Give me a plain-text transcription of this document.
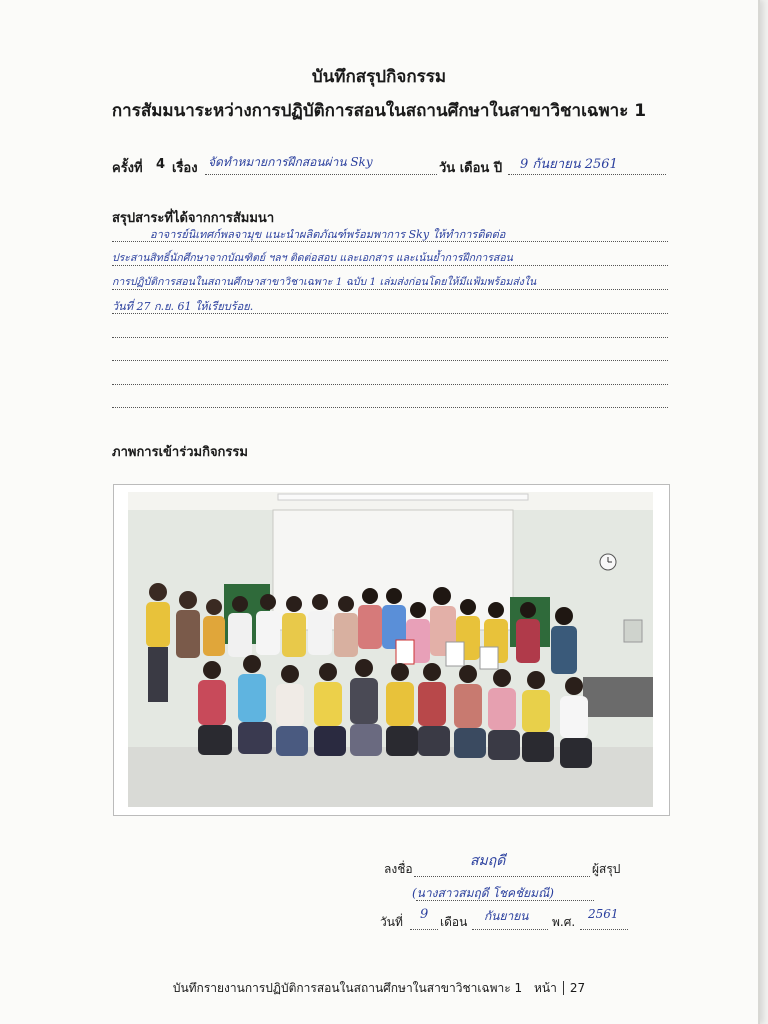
บันทึกสรุปกิจกรรม
การสัมมนาระหว่างการปฏิบัติการสอนในสถานศึกษาในสาขาวิชาเฉพาะ 1
ครั้งที่ 4 เรื่อง จัดทำหมายการฝึกสอนผ่าน Sky	วัน เดือน ปี 9 กันยายน 2561
สรุปสาระที่ได้จากการสัมมนา
อาจารย์นิเทศก์พลจามุข แนะนำผลิตภัณฑ์พร้อมพาการ Sky ให้ทำการติดต่อ
ประสานสิทธิ์นักศึกษาจากบัณฑิตย์ ฯลฯ ติดต่อสอบ และเอกสาร และเน้นย้ำการฝึกการสอน
การปฏิบัติการสอนในสถานศึกษาสาขาวิชาเฉพาะ 1 ฉบับ 1 เล่มส่งก่อนโดยให้มีแฟ้มพร้อมส่งใน
วันที่ 27 ก.ย. 61 ให้เรียบร้อย.
ภาพการเข้าร่วมกิจกรรม
ลงชื่อ	สมฤดี	ผู้สรุป
(นางสาวสมฤดี โชคชัยมณี)
วันที่ 9 เดือน กันยายน พ.ศ.
2561
บันทึกรายงานการปฏิบัติการสอนในสถานศึกษาในสาขาวิชาเฉพาะ 1 หน้า 27
